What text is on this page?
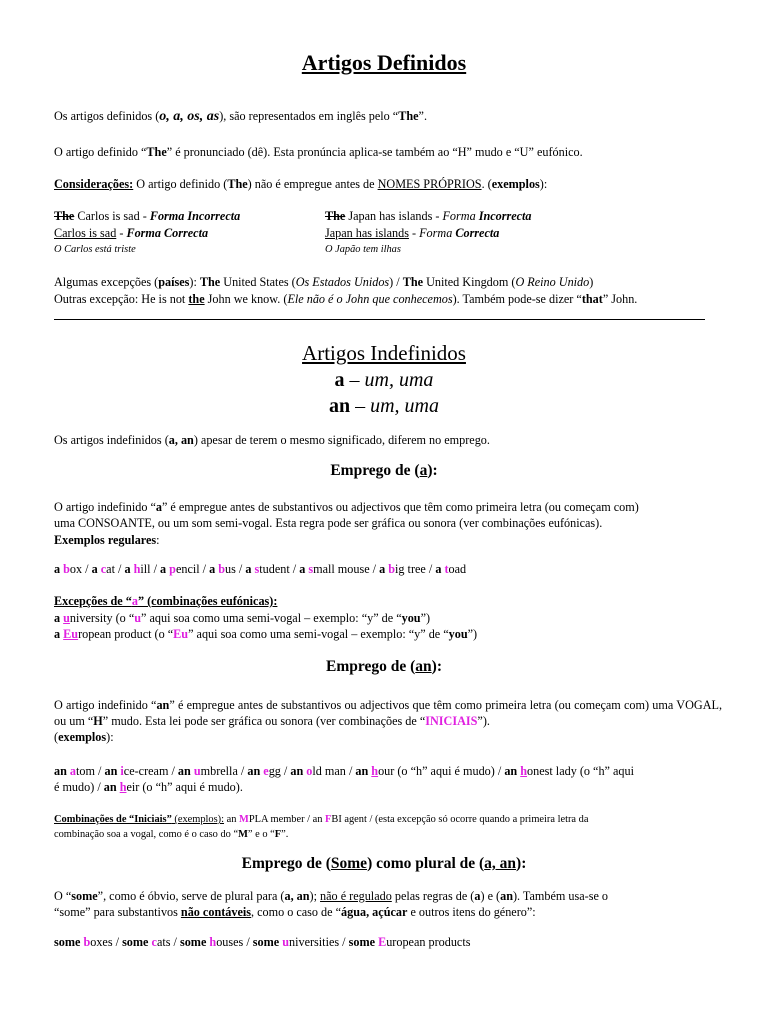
Artigos Definidos
Os artigos definidos (o, a, os, as), são representados em inglês pelo “The”.
O artigo definido “The” é pronunciado (dê). Esta pronúncia aplica-se também ao “H” mudo e “U” eufónico.
Considerações: O artigo definido (The) não é empregue antes de NOMES PRÓPRIOS. (exemplos):
The Carlos is sad - Forma Incorrecta
Carlos is sad - Forma Correcta
O Carlos está triste
The Japan has islands - Forma Incorrecta
Japan has islands - Forma Correcta
O Japão tem ilhas
Algumas excepções (países): The United States (Os Estados Unidos) / The United Kingdom (O Reino Unido)
Outras excepção: He is not the John we know. (Ele não é o John que conhecemos). Também pode-se dizer “that” John.
Artigos Indefinidos
a – um, uma
an – um, uma
Os artigos indefinidos (a, an) apesar de terem o mesmo significado, diferem no emprego.
Emprego de (a):
O artigo indefinido “a” é empregue antes de substantivos ou adjectivos que têm como primeira letra (ou começam com)
uma CONSOANTE, ou um som semi-vogal. Esta regra pode ser gráfica ou sonora (ver combinações eufónicas).
Exemplos regulares:
a box / a cat / a hill / a pencil / a bus / a student / a small mouse / a big tree / a toad
Excepções de “a” (combinações eufónicas):
a university (o “u” aqui soa como uma semi-vogal – exemplo: “y” de “you”)
a European product (o “Eu” aqui soa como uma semi-vogal – exemplo: “y” de “you”)
Emprego de (an):
O artigo indefinido “an” é empregue antes de substantivos ou adjectivos que têm como primeira letra (ou começam com) uma VOGAL, ou um “H” mudo. Esta lei pode ser gráfica ou sonora (ver combinações de “INICIAIS”).
(exemplos):
an atom / an ice-cream / an umbrella / an egg / an old man / an hour (o “h” aqui é mudo) / an honest lady (o “h” aqui
é mudo) / an heir (o “h” aqui é mudo).
Combinações de “Iniciais” (exemplos): an MPLA member / an FBI agent / (esta excepção só ocorre quando a primeira letra da
combinação soa a vogal, como é o caso do “M” e o “F”.
Emprego de (Some) como plural de (a, an):
O “some”, como é óbvio, serve de plural para (a, an); não é regulado pelas regras de (a) e (an). Também usa-se o
“some” para substantivos não contáveis, como o caso de “água, açúcar e outros itens do género”:
some boxes / some cats / some houses / some universities / some European products
